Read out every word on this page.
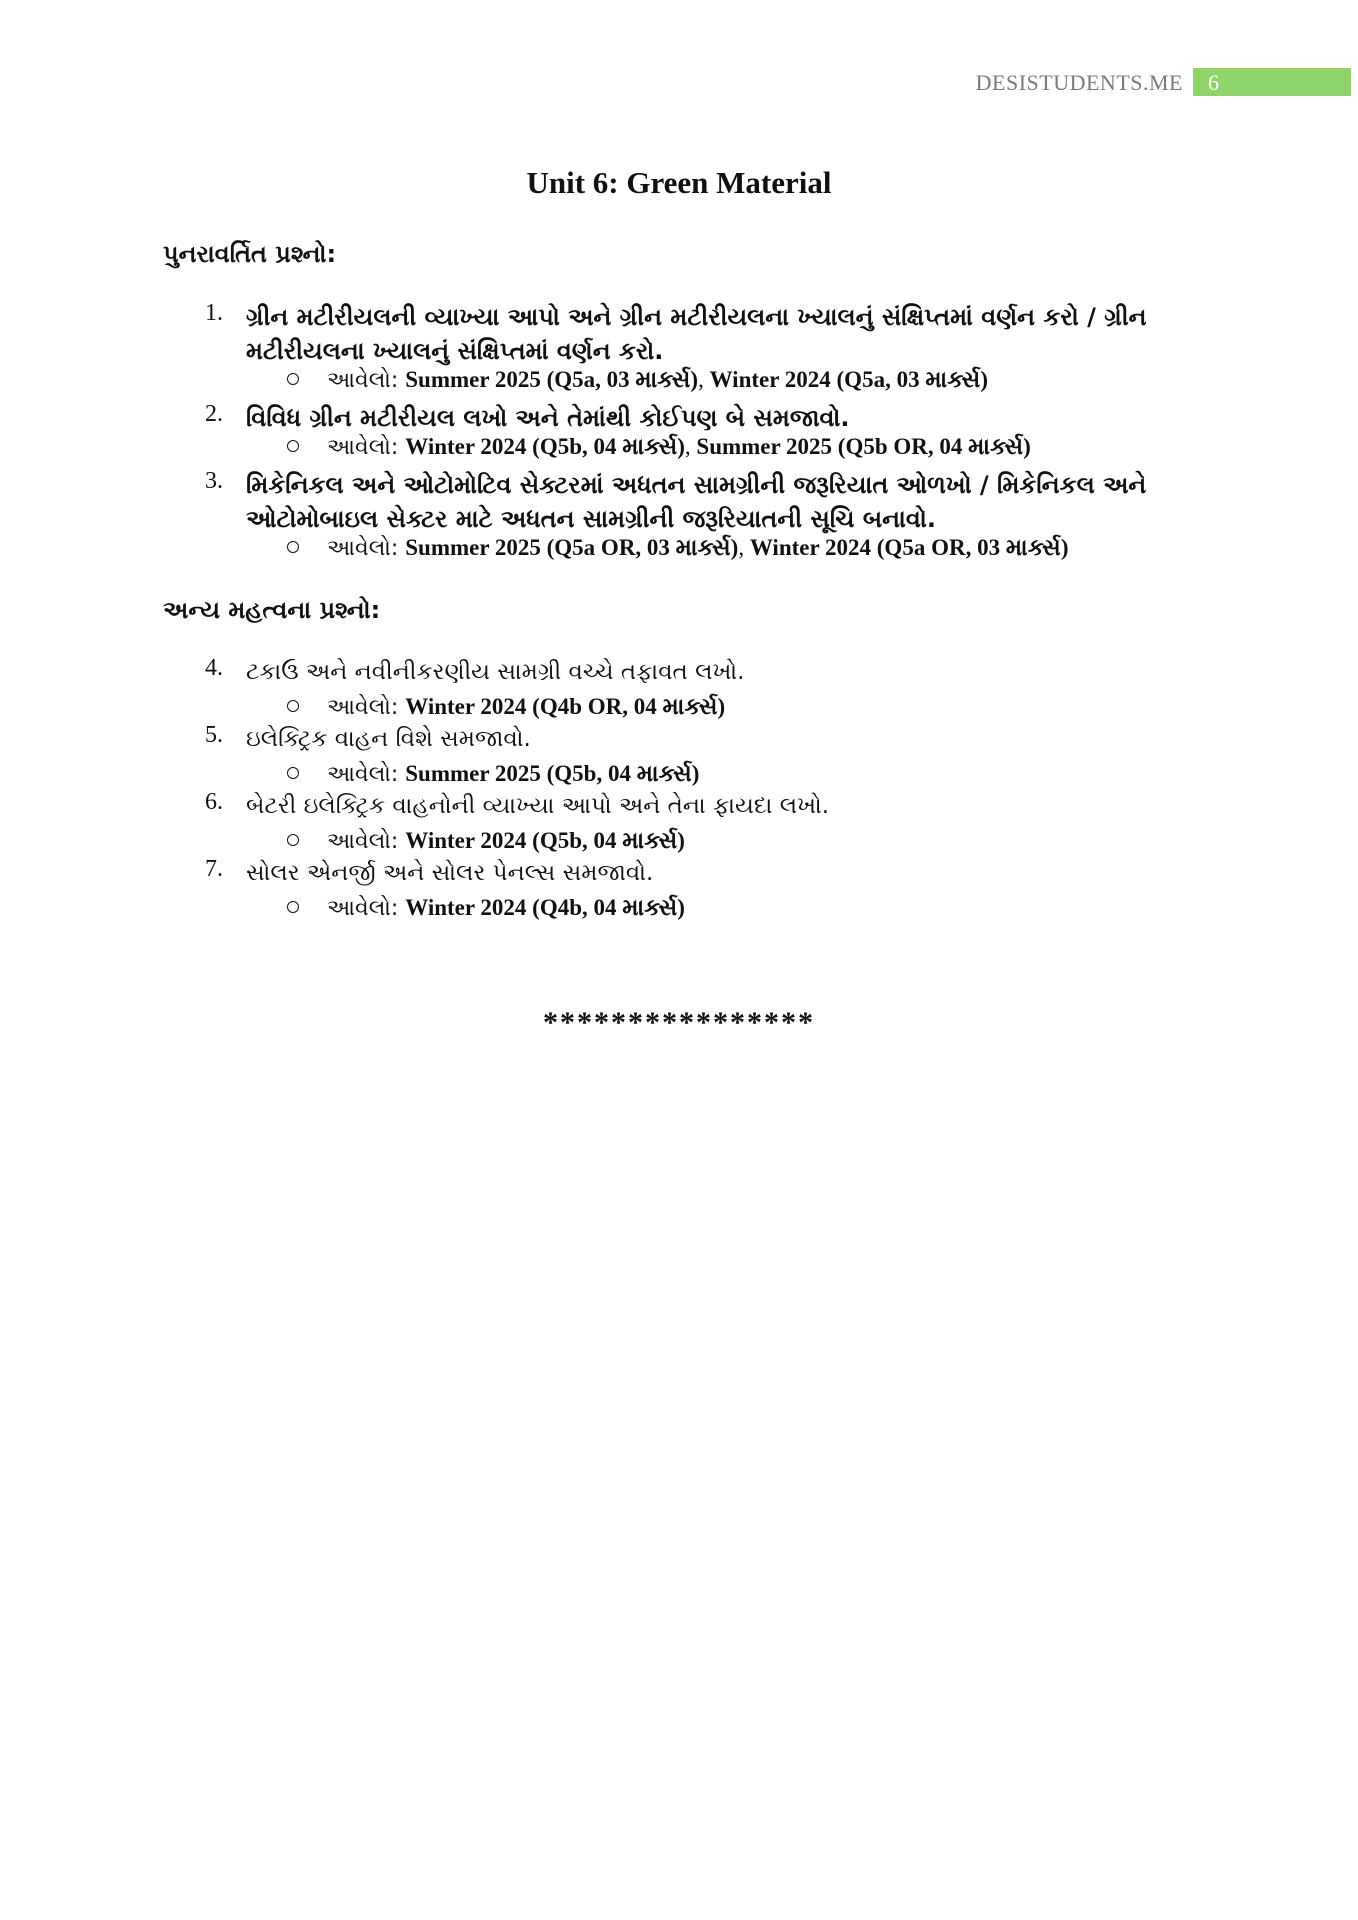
DESISTUDENTS.ME 6
Unit 6: Green Material
પુનરાવર્તિત પ્રશ્નો:
1. ગ્રીન મટીરીયલની વ્યાખ્યા આપો અને ગ્રીન મટીરીયલના ખ્યાલનું સંક્ષિપ્તમાં વર્ણન કરો / ગ્રીન મટીરીયલના ખ્યાલનું સંક્ષિપ્તમાં વર્ણન કરો.
આવેલો: Summer 2025 (Q5a, 03 માર્ક્સ), Winter 2024 (Q5a, 03 માર્ક્સ)
2. વિવિધ ગ્રીન મટીરીયલ લખો અને તેમાંથી કોઈપણ બે સમજાવો.
આવેલો: Winter 2024 (Q5b, 04 માર્ક્સ), Summer 2025 (Q5b OR, 04 માર્ક્સ)
3. મિકેનિકલ અને ઓટોમોટિવ સેક્ટરમાં અધતન સામગ્રીની જરૂરિયાત ઓળખો / મિકેનિકલ અને ઓટોમોબાઇલ સેક્ટર માટે અધતન સામગ્રીની જરૂરિયાતની સૂચિ બનાવો.
આવેલો: Summer 2025 (Q5a OR, 03 માર્ક્સ), Winter 2024 (Q5a OR, 03 માર્ક્સ)
અન્ય મહત્વના પ્રશ્નો:
4. ટકાઉ અને નવીનીકરણીય સામગ્રી વચ્ચે તફાવત લખો.
આવેલો: Winter 2024 (Q4b OR, 04 માર્ક્સ)
5. ઇલેક્ટ્રિક વાહન વિશે સમજાવો.
આવેલો: Summer 2025 (Q5b, 04 માર્ક્સ)
6. બેટરી ઇલેક્ટ્રિક વાહનોની વ્યાખ્યા આપો અને તેના ફાયદા લખો.
આવેલો: Winter 2024 (Q5b, 04 માર્ક્સ)
7. સોલર એનર્જી અને સોલર પેનલ્સ સમજાવો.
આવેલો: Winter 2024 (Q4b, 04 માર્ક્સ)
****************
